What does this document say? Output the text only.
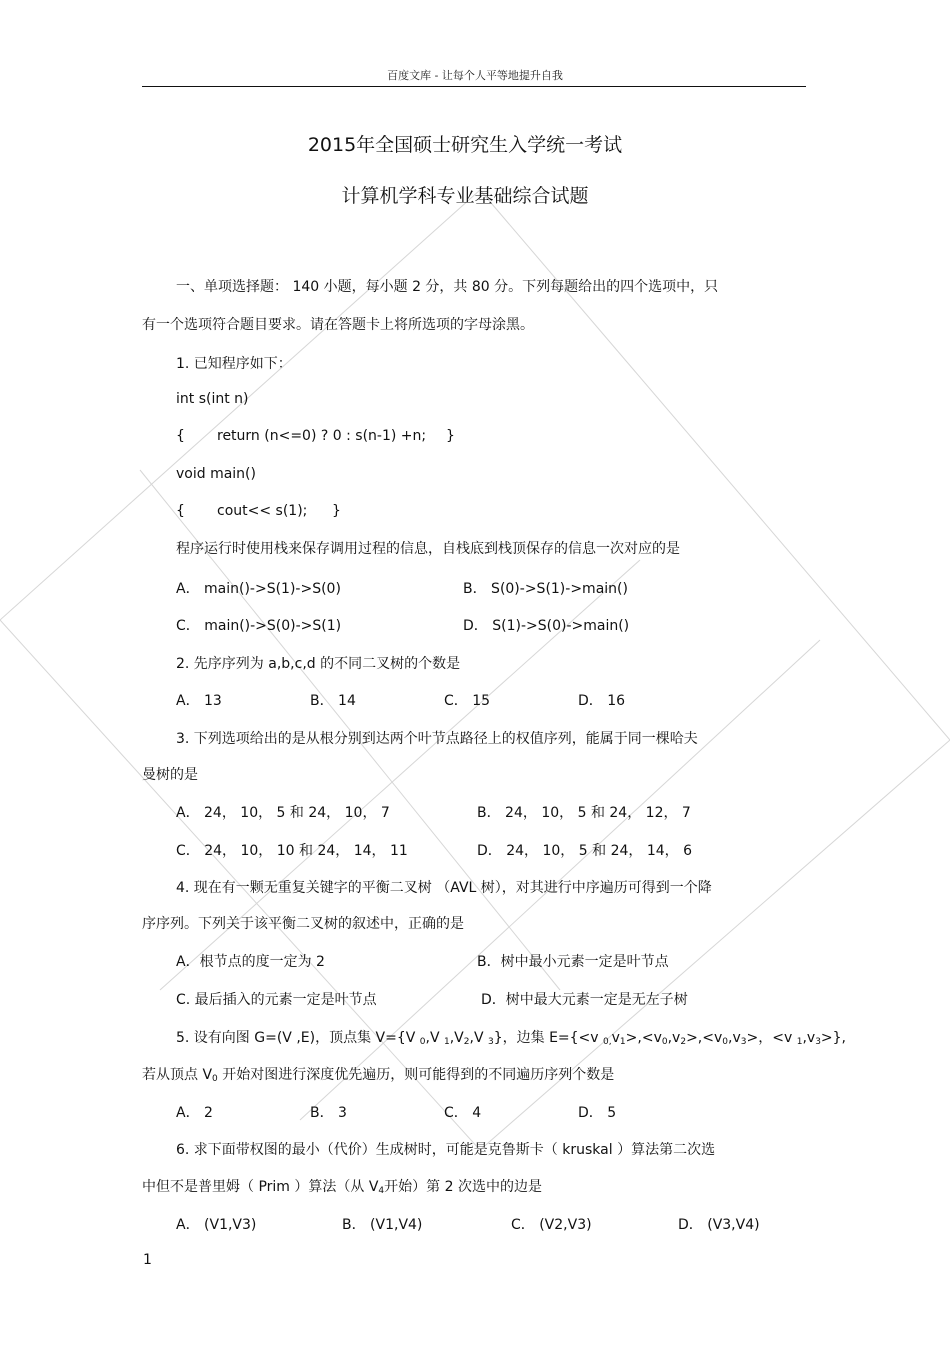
百度文库 - 让每个人平等地提升自我
2015年全国硕士研究生入学统一考试
计算机学科专业基础综合试题
一、单项选择题： 140 小题，每小题 2 分，共 80 分。下列每题给出的四个选项中，只
有一个选项符合题目要求。请在答题卡上将所选项的字母涂黑。
1. 已知程序如下：
int s(int n)
{ return (n<=0) ? 0 : s(n-1) +n; }
void main()
{ cout<< s(1); }
程序运行时使用栈来保存调用过程的信息，自栈底到栈顶保存的信息一次对应的是
A． main()->S(1)->S(0)	B． S(0)->S(1)->main()
C． main()->S(0)->S(1)	D． S(1)->S(0)->main()
2. 先序序列为 a,b,c,d 的不同二叉树的个数是
A． 13	B． 14	C． 15	D． 16
3. 下列选项给出的是从根分别到达两个叶节点路径上的权值序列，能属于同一棵哈夫
曼树的是
A． 24， 10， 5 和 24， 10， 7	B． 24， 10， 5 和 24， 12， 7
C． 24， 10， 10 和 24， 14， 11	D． 24， 10， 5 和 24， 14， 6
4. 现在有一颗无重复关键字的平衡二叉树 （AVL 树），对其进行中序遍历可得到一个降
序序列。下列关于该平衡二叉树的叙述中，正确的是
A．根节点的度一定为 2	B．树中最小元素一定是叶节点
C. 最后插入的元素一定是叶节点	D．树中最大元素一定是无左子树
5. 设有向图 G=(V ,E)，顶点集 V={V $_0$,V $_1,V_2,V$ $_3$}，边集 E={<v $_{0,}v_1>,<v_0,v_2>,<v_0,v_3>$，<v $_1,v_3>$},
若从顶点 $V_0$ 开始对图进行深度优先遍历，则可能得到的不同遍历序列个数是
A． 2	B． 3	C． 4	D． 5
6. 求下面带权图的最小（代价）生成树时，可能是克鲁斯卡（ kruskal ）算法第二次选
中但不是普里姆（ Prim ）算法（从 $V_4$开始）第 2 次选中的边是
A． (V1,V3)	B． (V1,V4)	C． (V2,V3)	D． (V3,V4)
1
